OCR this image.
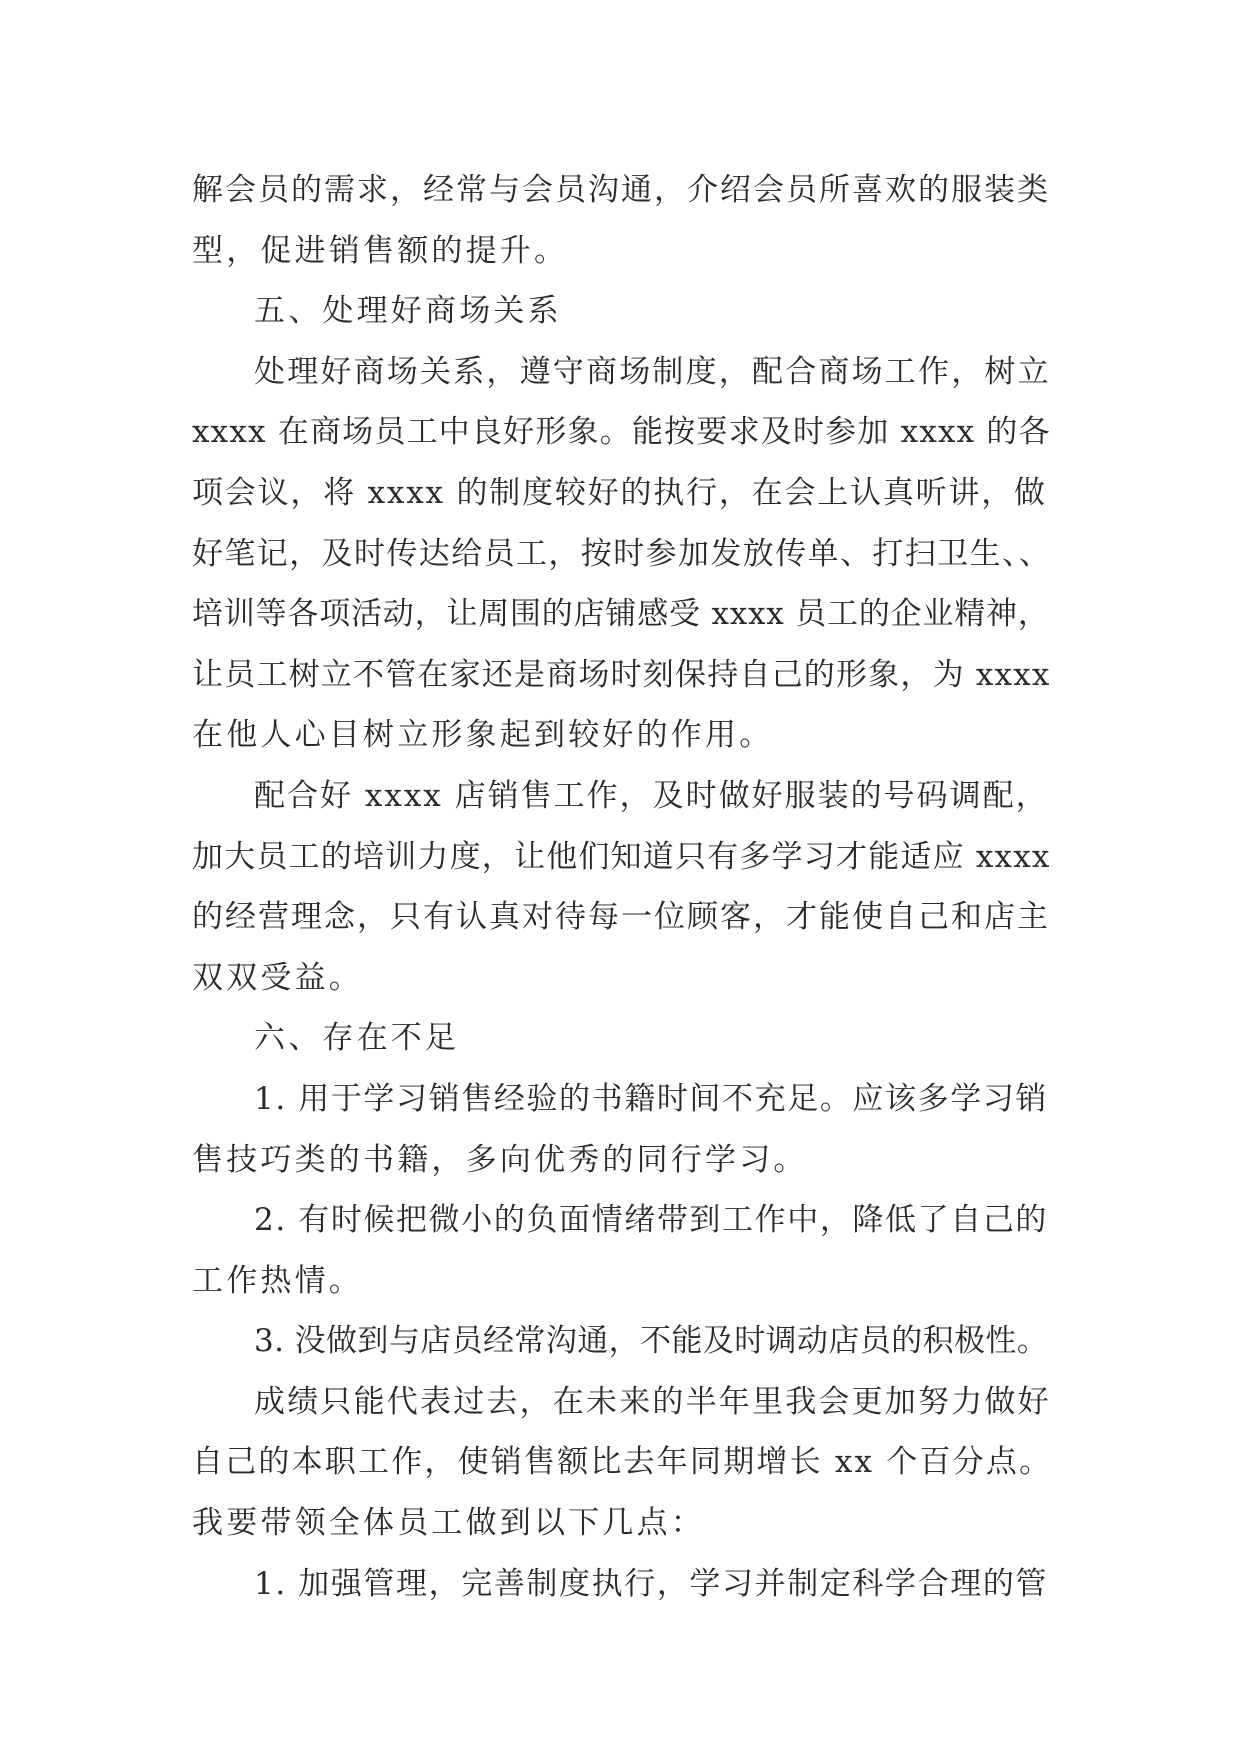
解会员的需求，经常与会员沟通，介绍会员所喜欢的服装类
型，促进销售额的提升。
五、处理好商场关系
处理好商场关系，遵守商场制度，配合商场工作，树立
xxxx 在商场员工中良好形象。能按要求及时参加 xxxx 的各
项会议，将 xxxx 的制度较好的执行，在会上认真听讲，做
好笔记，及时传达给员工，按时参加发放传单、打扫卫生、、
培训等各项活动，让周围的店铺感受 xxxx 员工的企业精神，
让员工树立不管在家还是商场时刻保持自己的形象，为 xxxx
在他人心目树立形象起到较好的作用。
配合好 xxxx 店销售工作，及时做好服装的号码调配，
加大员工的培训力度，让他们知道只有多学习才能适应 xxxx
的经营理念，只有认真对待每一位顾客，才能使自己和店主
双双受益。
六、存在不足
1. 用于学习销售经验的书籍时间不充足。应该多学习销
售技巧类的书籍，多向优秀的同行学习。
2. 有时候把微小的负面情绪带到工作中，降低了自己的
工作热情。
3. 没做到与店员经常沟通，不能及时调动店员的积极性。
成绩只能代表过去，在未来的半年里我会更加努力做好
自己的本职工作，使销售额比去年同期增长 xx 个百分点。
我要带领全体员工做到以下几点：
1. 加强管理，完善制度执行，学习并制定科学合理的管
